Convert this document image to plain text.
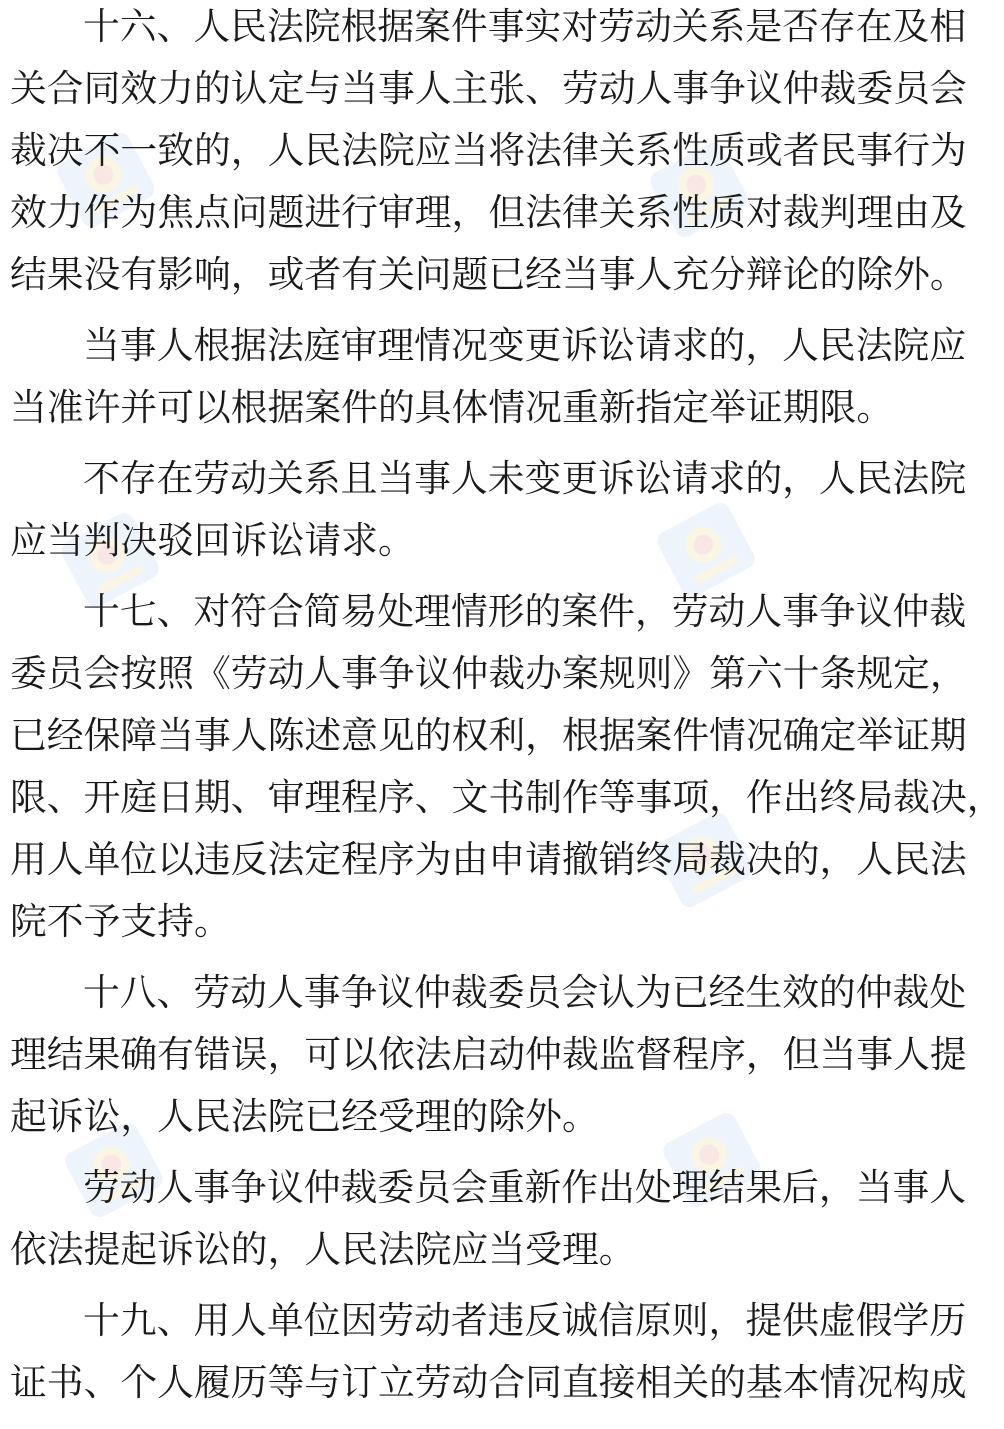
十六、人民法院根据案件事实对劳动关系是否存在及相
关合同效力的认定与当事人主张、劳动人事争议仲裁委员会
裁决不一致的，人民法院应当将法律关系性质或者民事行为
效力作为焦点问题进行审理，但法律关系性质对裁判理由及
结果没有影响，或者有关问题已经当事人充分辩论的除外。

当事人根据法庭审理情况变更诉讼请求的，人民法院应
当准许并可以根据案件的具体情况重新指定举证期限。

不存在劳动关系且当事人未变更诉讼请求的，人民法院
应当判决驳回诉讼请求。

十七、对符合简易处理情形的案件，劳动人事争议仲裁
委员会按照《劳动人事争议仲裁办案规则》第六十条规定，
已经保障当事人陈述意见的权利，根据案件情况确定举证期
限、开庭日期、审理程序、文书制作等事项，作出终局裁决，
用人单位以违反法定程序为由申请撤销终局裁决的，人民法
院不予支持。

十八、劳动人事争议仲裁委员会认为已经生效的仲裁处
理结果确有错误，可以依法启动仲裁监督程序，但当事人提
起诉讼，人民法院已经受理的除外。

劳动人事争议仲裁委员会重新作出处理结果后，当事人
依法提起诉讼的，人民法院应当受理。

十九、用人单位因劳动者违反诚信原则，提供虚假学历
证书、个人履历等与订立劳动合同直接相关的基本情况构成
